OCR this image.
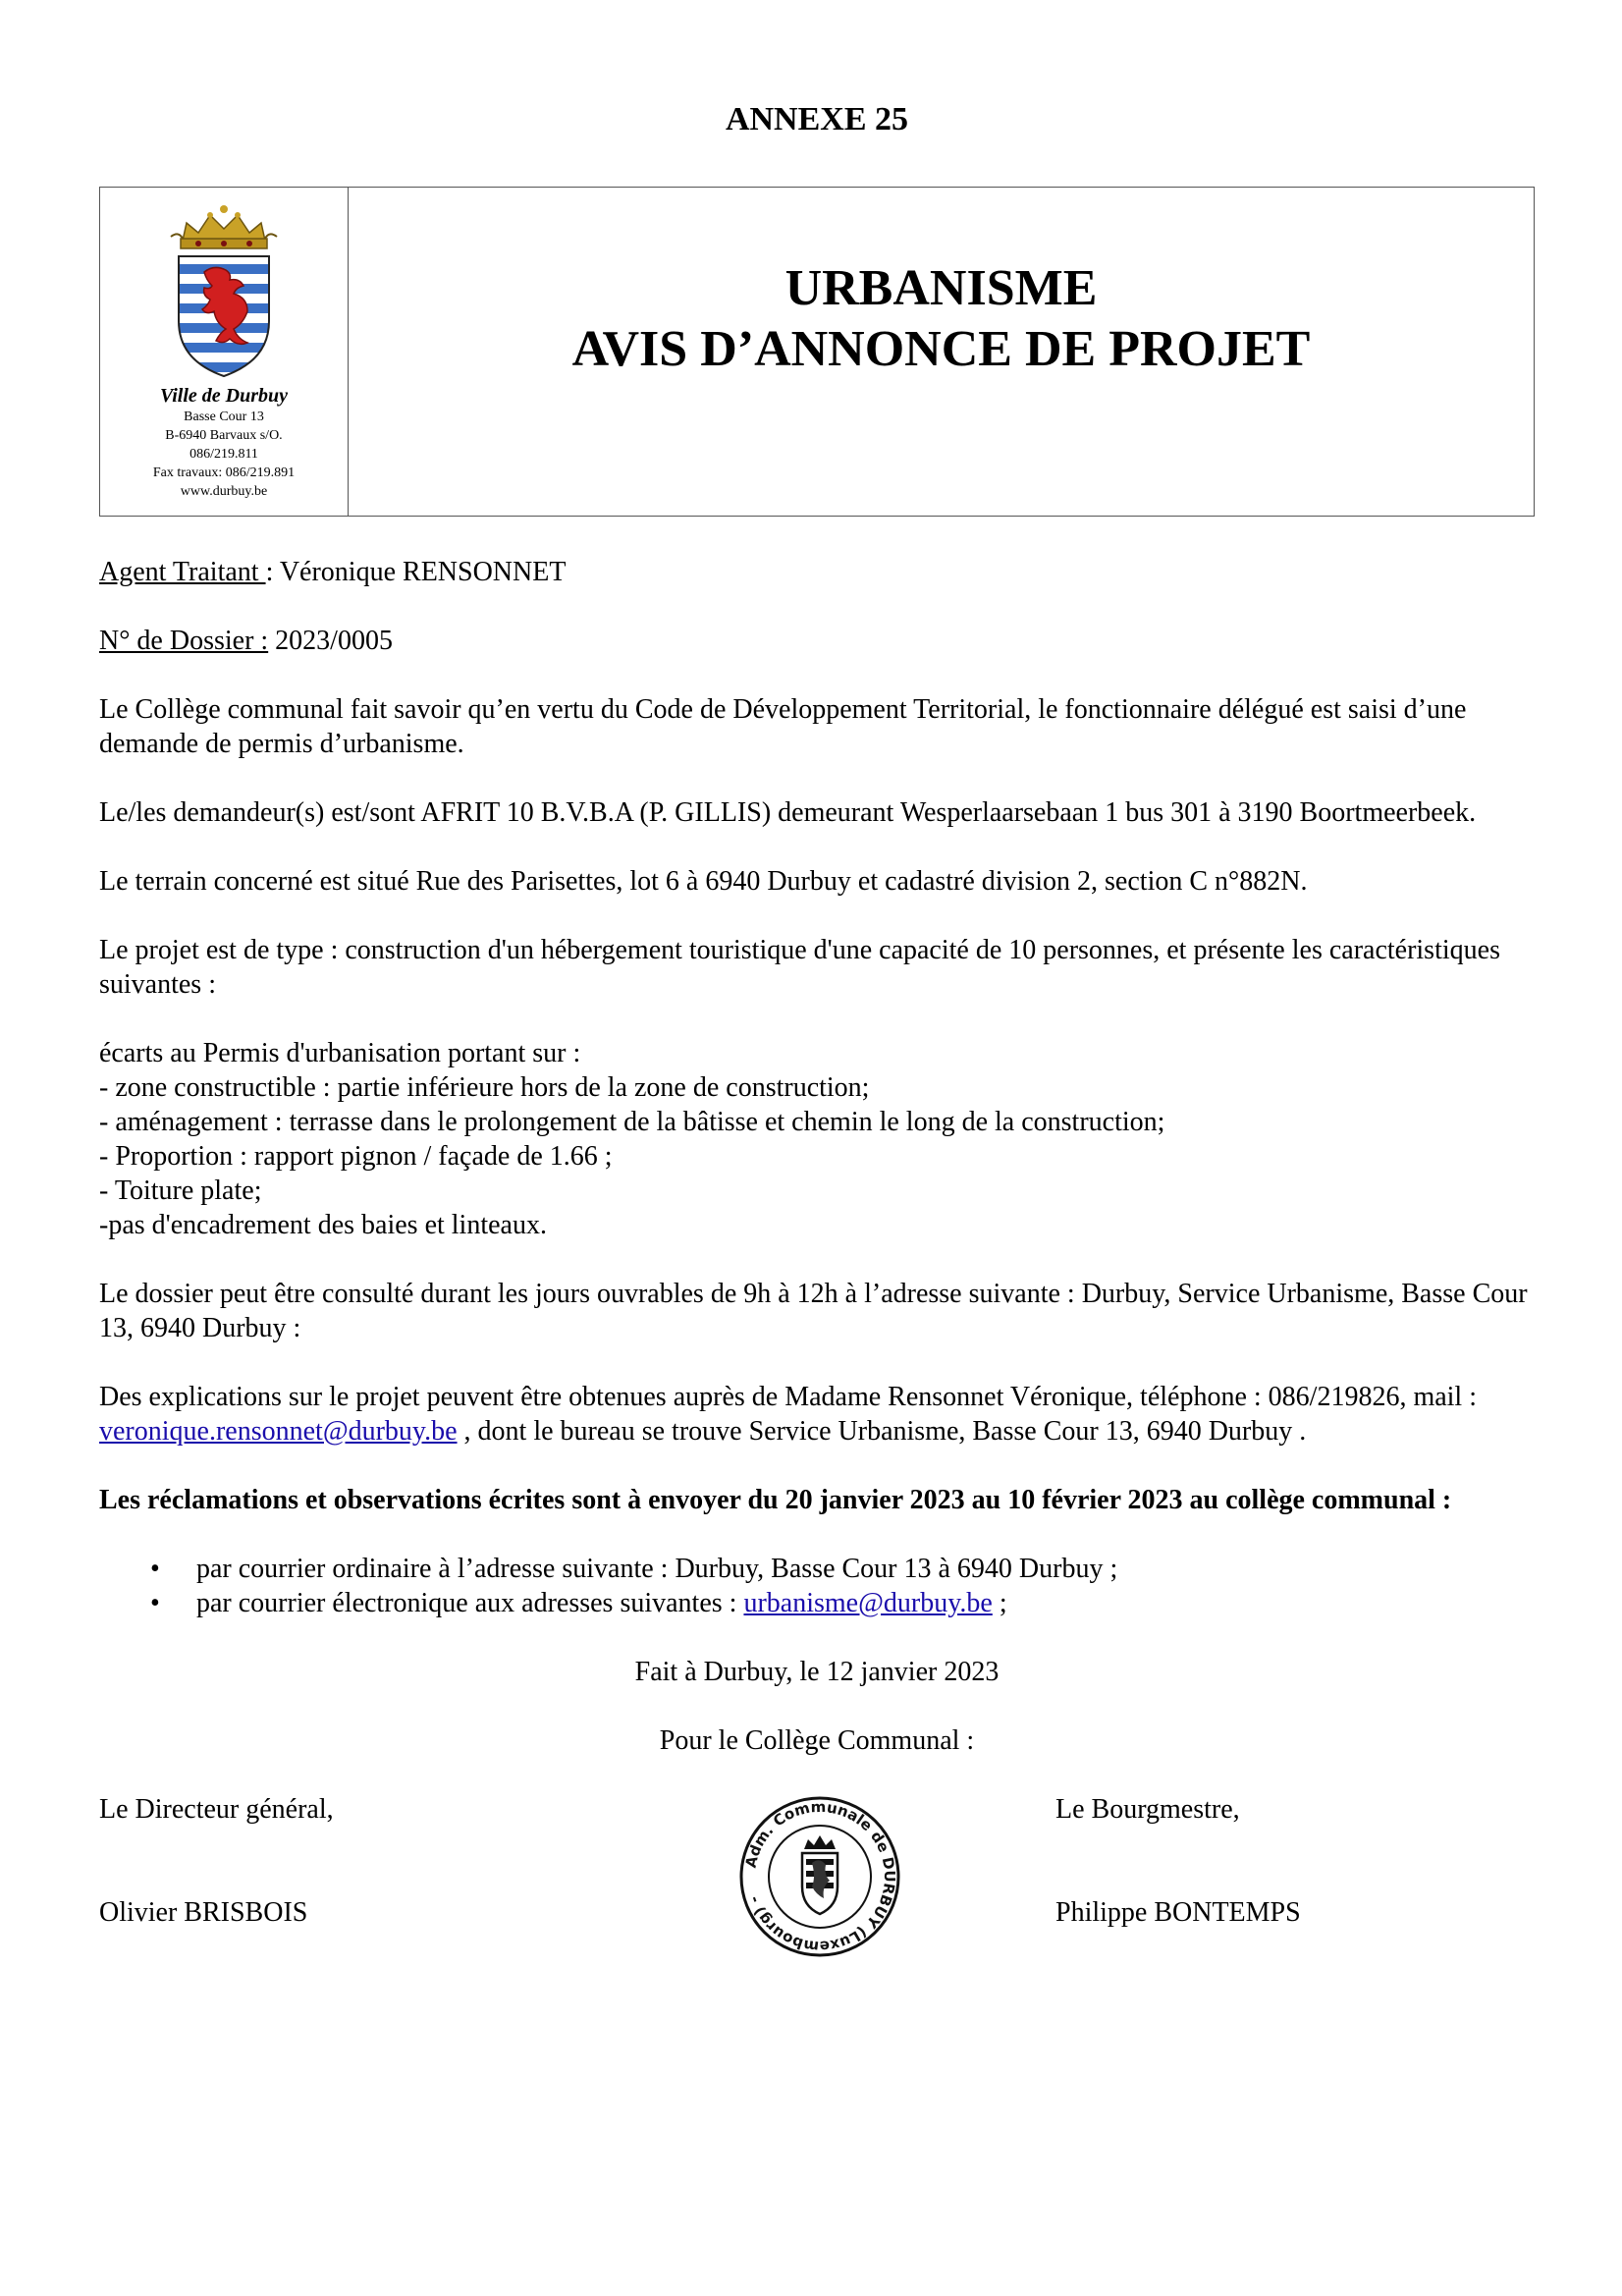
ANNEXE 25
Ville de Durbuy
Basse Cour 13
B-6940 Barvaux s/O.
086/219.811
Fax travaux: 086/219.891
www.durbuy.be
URBANISME
AVIS D’ANNONCE DE PROJET

Agent Traitant : Véronique RENSONNET

N° de Dossier : 2023/0005

Le Collège communal fait savoir qu’en vertu du Code de Développement Territorial, le fonctionnaire délégué est saisi d’une demande de permis d’urbanisme.

Le/les demandeur(s) est/sont AFRIT 10 B.V.B.A (P. GILLIS) demeurant Wesperlaarsebaan 1 bus 301 à 3190 Boortmeerbeek.

Le terrain concerné est situé Rue des Parisettes, lot 6 à 6940 Durbuy et cadastré division 2, section C n°882N.

Le projet est de type : construction d'un hébergement touristique d'une capacité de 10 personnes, et présente les caractéristiques suivantes :

écarts au Permis d'urbanisation portant sur :
- zone constructible : partie inférieure hors de la zone de construction;
- aménagement : terrasse dans le prolongement de la bâtisse et chemin le long de la construction;
- Proportion : rapport pignon / façade de 1.66 ;
- Toiture plate;
-pas d'encadrement des baies et linteaux.

Le dossier peut être consulté durant les jours ouvrables de 9h à 12h à l’adresse suivante : Durbuy, Service Urbanisme, Basse Cour 13, 6940 Durbuy :

Des explications sur le projet peuvent être obtenues auprès de Madame Rensonnet Véronique, téléphone : 086/219826, mail : veronique.rensonnet@durbuy.be , dont le bureau se trouve Service Urbanisme, Basse Cour 13, 6940 Durbuy .

Les réclamations et observations écrites sont à envoyer du 20 janvier 2023 au 10 février 2023 au collège communal :

• par courrier ordinaire à l’adresse suivante : Durbuy, Basse Cour 13 à 6940 Durbuy ;
• par courrier électronique aux adresses suivantes : urbanisme@durbuy.be ;

Fait à Durbuy, le 12 janvier 2023

Pour le Collège Communal :

Le Directeur général,
Olivier BRISBOIS
Adm. Communale de DURBUY (Luxembourg) -
Le Bourgmestre,
Philippe BONTEMPS
